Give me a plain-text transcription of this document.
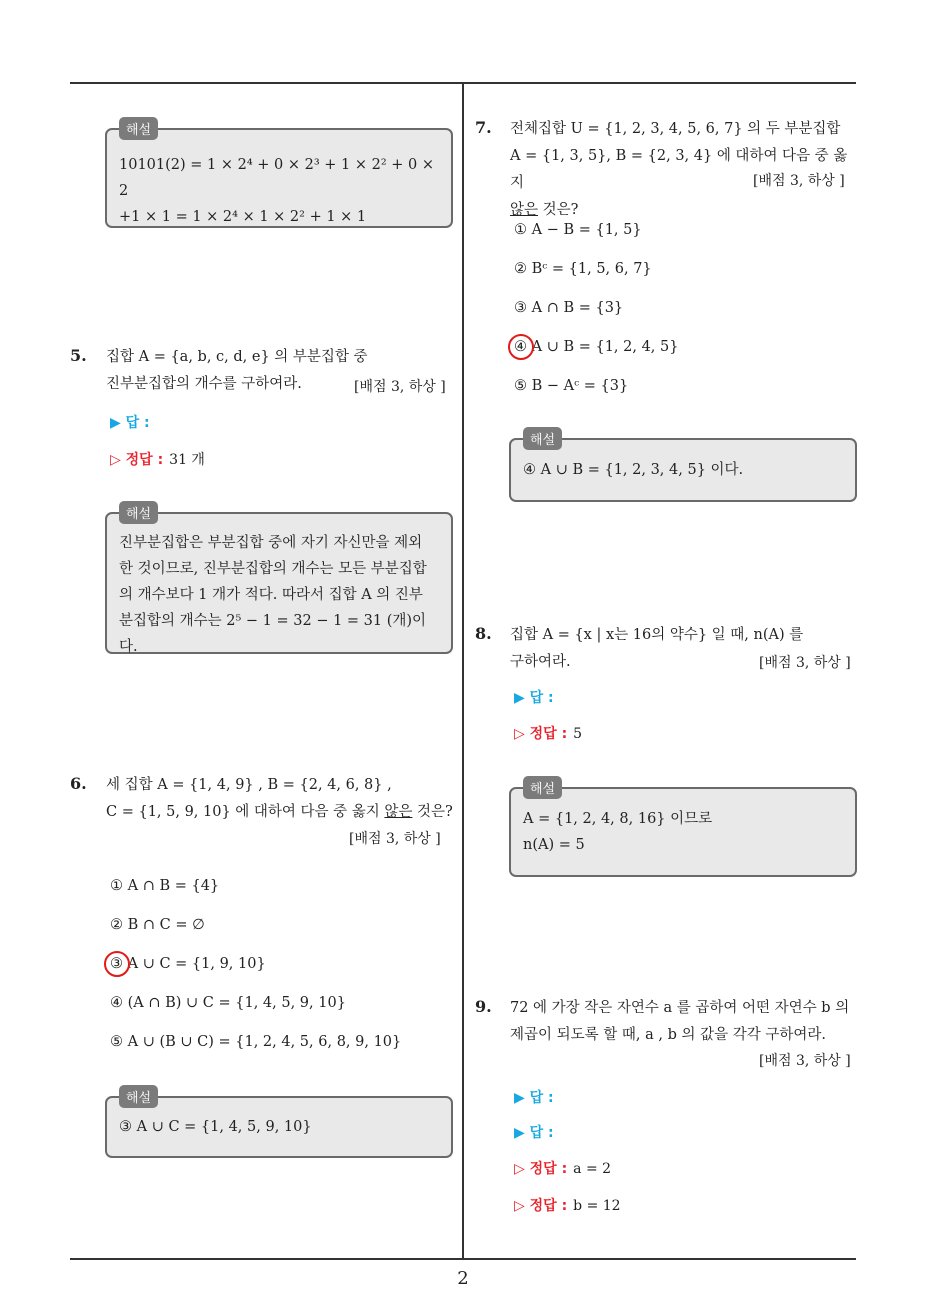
해설
10101(2) = 1 × 2⁴ + 0 × 2³ + 1 × 2² + 0 × 2
+1 × 1 = 1 × 2⁴ × 1 × 2² + 1 × 1
5. 집합 A = {a, b, c, d, e} 의 부분집합 중
진부분집합의 개수를 구하여라.	[배점 3, 하상 ]
▶ 답 :
▷ 정답 : 31 개
해설
진부분집합은 부분집합 중에 자기 자신만을 제외
한 것이므로, 진부분집합의 개수는 모든 부분집합
의 개수보다 1 개가 적다. 따라서 집합 A 의 진부
분집합의 개수는 2⁵ − 1 = 32 − 1 = 31 (개)이다.
6. 세 집합 A = {1, 4, 9} , B = {2, 4, 6, 8} ,
C = {1, 5, 9, 10} 에 대하여 다음 중 옳지 않은 것은?
[배점 3, 하상 ]
① A ∩ B = {4}
② B ∩ C = ∅
③ A ∪ C = {1, 9, 10}
④ (A ∩ B) ∪ C = {1, 4, 5, 9, 10}
⑤ A ∪ (B ∪ C) = {1, 2, 4, 5, 6, 8, 9, 10}
해설
③ A ∪ C = {1, 4, 5, 9, 10}
7. 전체집합 U = {1, 2, 3, 4, 5, 6, 7} 의 두 부분집합
A = {1, 3, 5}, B = {2, 3, 4} 에 대하여 다음 중 옳지
않은 것은?
[배점 3, 하상 ]
① A − B = {1, 5}
② Bᶜ = {1, 5, 6, 7}
③ A ∩ B = {3}
④ A ∪ B = {1, 2, 4, 5}
⑤ B − Aᶜ = {3}
해설
④ A ∪ B = {1, 2, 3, 4, 5} 이다.
8. 집합 A = {x | x는 16의 약수} 일 때, n(A) 를
구하여라.	[배점 3, 하상 ]
▶ 답 :
▷ 정답 : 5
해설
A = {1, 2, 4, 8, 16} 이므로
n(A) = 5
9. 72 에 가장 작은 자연수 a 를 곱하여 어떤 자연수 b 의
제곱이 되도록 할 때, a , b 의 값을 각각 구하여라.
[배점 3, 하상 ]
▶ 답 :
▶ 답 :
▷ 정답 : a = 2
▷ 정답 : b = 12
2
